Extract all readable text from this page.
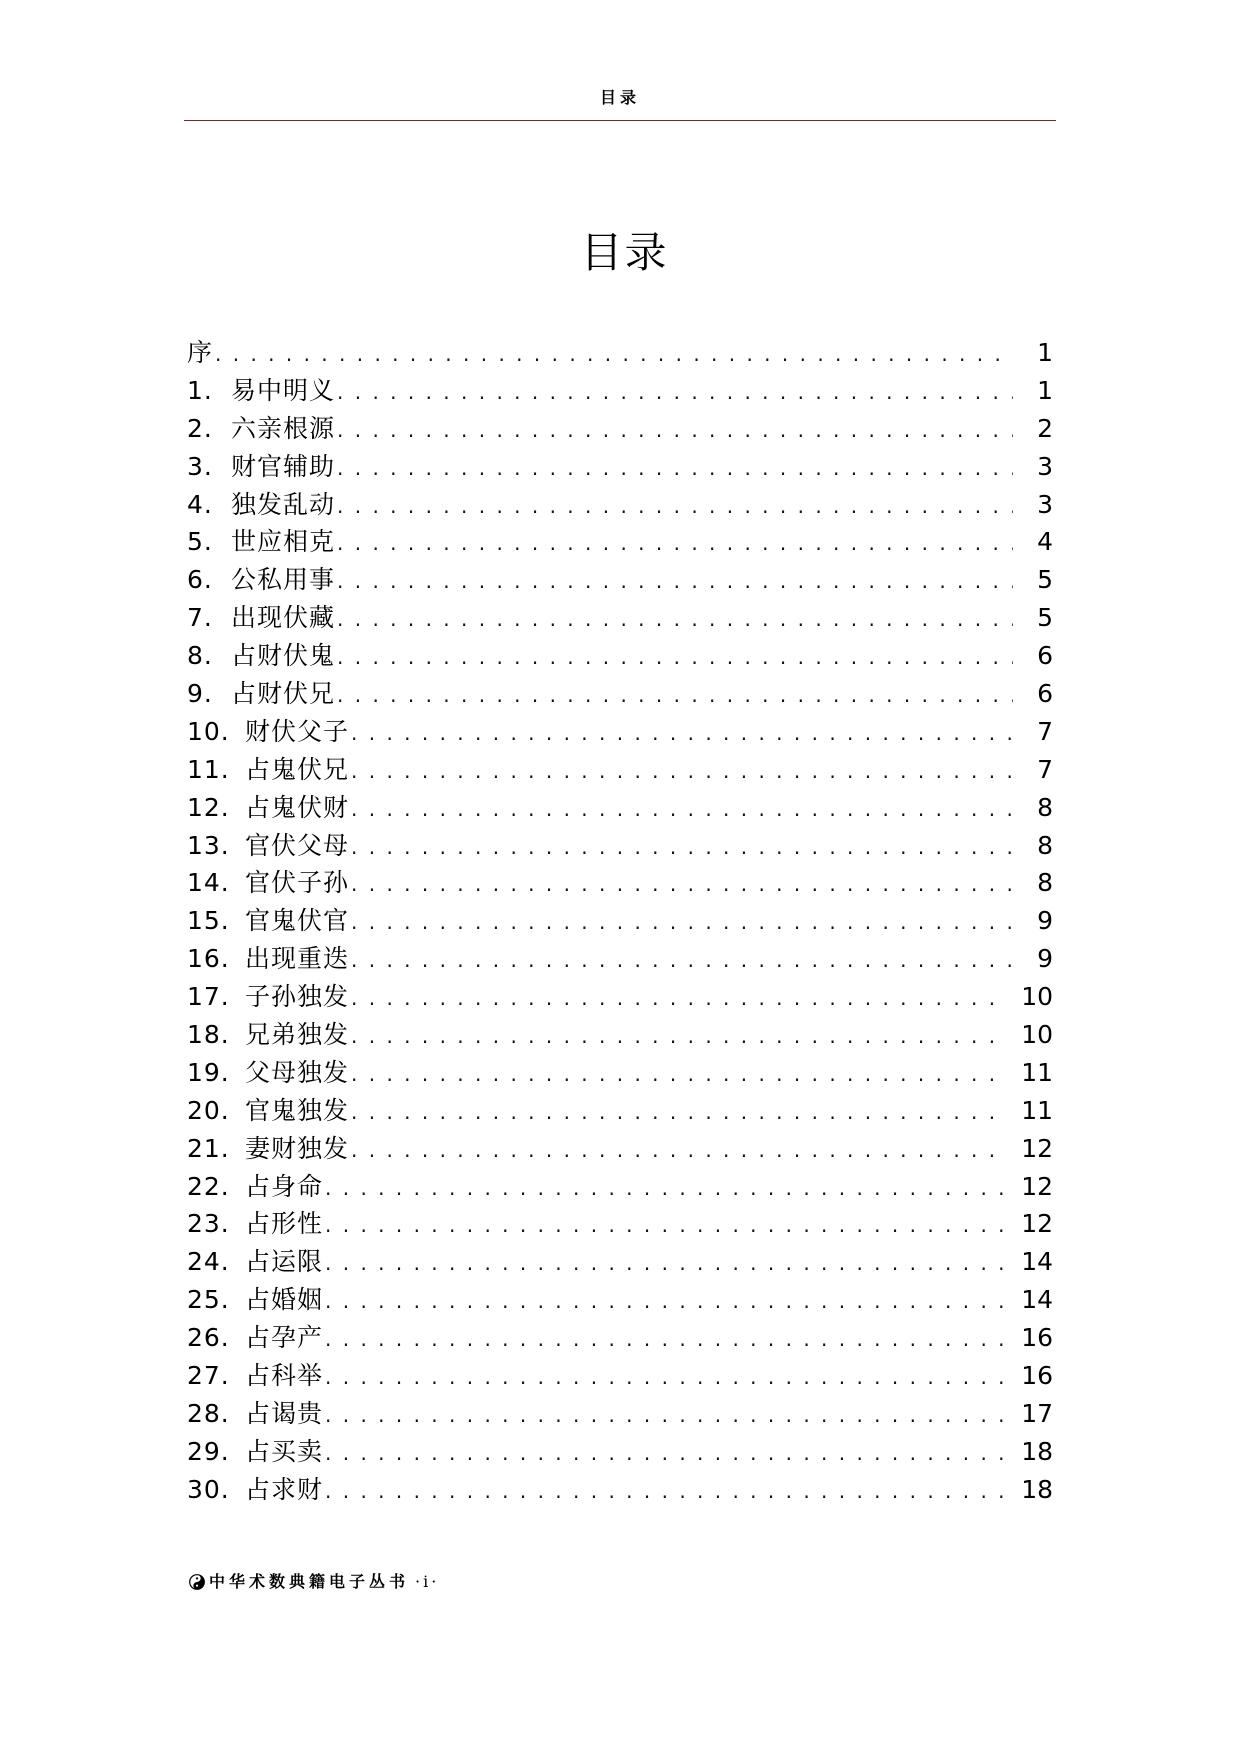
目录
目录
序 . . .	1
1. 易中明义 . . .	1
2. 六亲根源 . . .	2
3. 财官辅助 . . .	3
4. 独发乱动 . . .	3
5. 世应相克 . . .	4
6. 公私用事 . . .	5
7. 出现伏藏 . . .	5
8. 占财伏鬼 . . .	6
9. 占财伏兄 . . .	6
10. 财伏父子 . . .	7
11. 占鬼伏兄 . . .	7
12. 占鬼伏财 . . .	8
13. 官伏父母 . . .	8
14. 官伏子孙 . . .	8
15. 官鬼伏官 . . .	9
16. 出现重迭 . . .	9
17. 子孙独发 . . .	10
18. 兄弟独发 . . .	10
19. 父母独发 . . .	11
20. 官鬼独发 . . .	11
21. 妻财独发 . . .	12
22. 占身命 . . .	12
23. 占形性 . . .	12
24. 占运限 . . .	14
25. 占婚姻 . . .	14
26. 占孕产 . . .	16
27. 占科举 . . .	16
28. 占谒贵 . . .	17
29. 占买卖 . . .	18
30. 占求财 . . .	18
中华术数典籍电子丛书 ·i·
